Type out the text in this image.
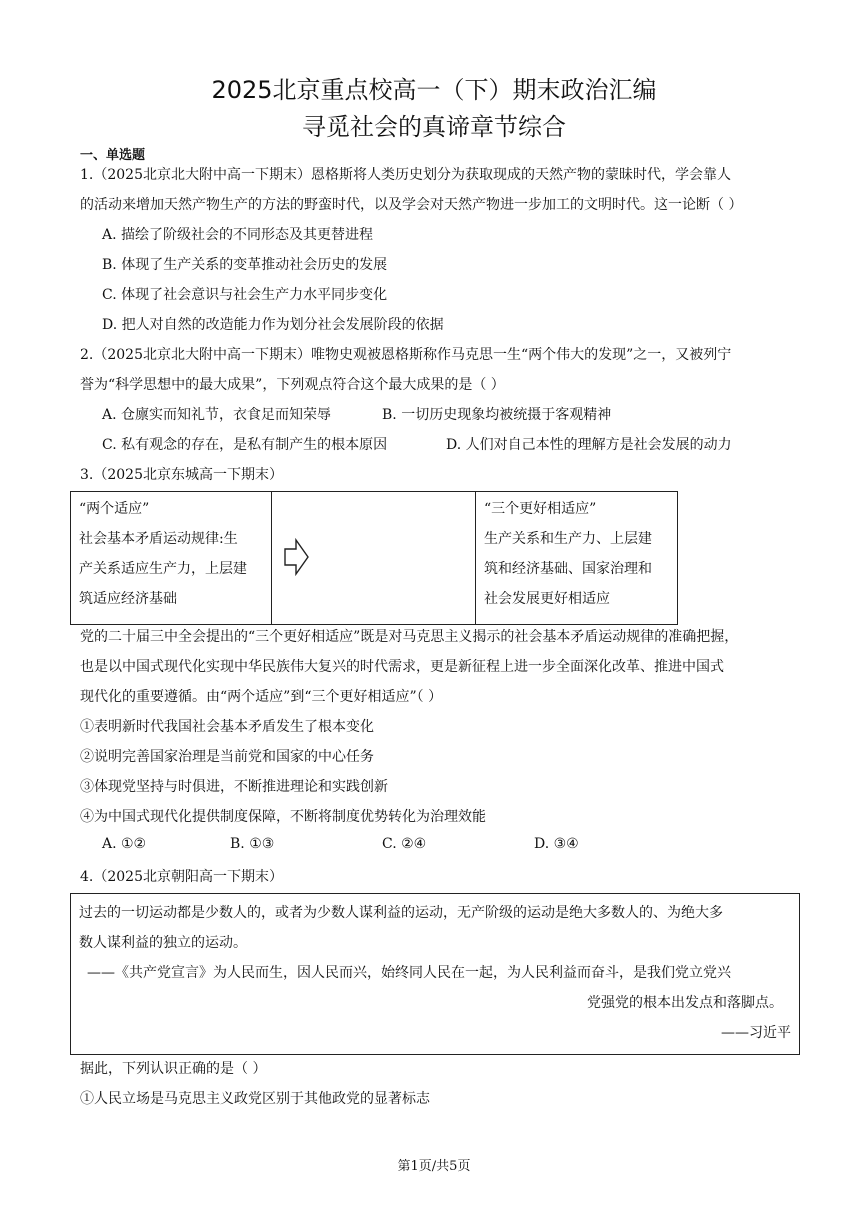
2025北京重点校高一（下）期末政治汇编
寻觅社会的真谛章节综合
一、单选题
1.（2025北京北大附中高一下期末）恩格斯将人类历史划分为获取现成的天然产物的蒙昧时代，学会靠人
的活动来增加天然产物生产的方法的野蛮时代，以及学会对天然产物进一步加工的文明时代。这一论断（ ）
A. 描绘了阶级社会的不同形态及其更替进程
B. 体现了生产关系的变革推动社会历史的发展
C. 体现了社会意识与社会生产力水平同步变化
D. 把人对自然的改造能力作为划分社会发展阶段的依据
2.（2025北京北大附中高一下期末）唯物史观被恩格斯称作马克思一生“两个伟大的发现”之一，又被列宁
誉为“科学思想中的最大成果”，下列观点符合这个最大成果的是（ ）
A. 仓廪实而知礼节，衣食足而知荣辱	B. 一切历史现象均被统摄于客观精神
C. 私有观念的存在，是私有制产生的根本原因	D. 人们对自己本性的理解方是社会发展的动力
3.（2025北京东城高一下期末）
“两个适应”
社会基本矛盾运动规律:生
产关系适应生产力，上层建
筑适应经济基础
“三个更好相适应”
生产关系和生产力、上层建
筑和经济基础、国家治理和
社会发展更好相适应
党的二十届三中全会提出的“三个更好相适应”既是对马克思主义揭示的社会基本矛盾运动规律的准确把握，
也是以中国式现代化实现中华民族伟大复兴的时代需求，更是新征程上进一步全面深化改革、推进中国式
现代化的重要遵循。由“两个适应”到“三个更好相适应”（ ）
①表明新时代我国社会基本矛盾发生了根本变化
②说明完善国家治理是当前党和国家的中心任务
③体现党坚持与时俱进，不断推进理论和实践创新
④为中国式现代化提供制度保障，不断将制度优势转化为治理效能
A. ①②	B. ①③	C. ②④	D. ③④
4.（2025北京朝阳高一下期末）
过去的一切运动都是少数人的，或者为少数人谋利益的运动，无产阶级的运动是绝大多数人的、为绝大多
数人谋利益的独立的运动。
——《共产党宣言》为人民而生，因人民而兴，始终同人民在一起，为人民利益而奋斗，是我们党立党兴
党强党的根本出发点和落脚点。
——习近平
据此，下列认识正确的是（ ）
①人民立场是马克思主义政党区别于其他政党的显著标志
第1页/共5页
